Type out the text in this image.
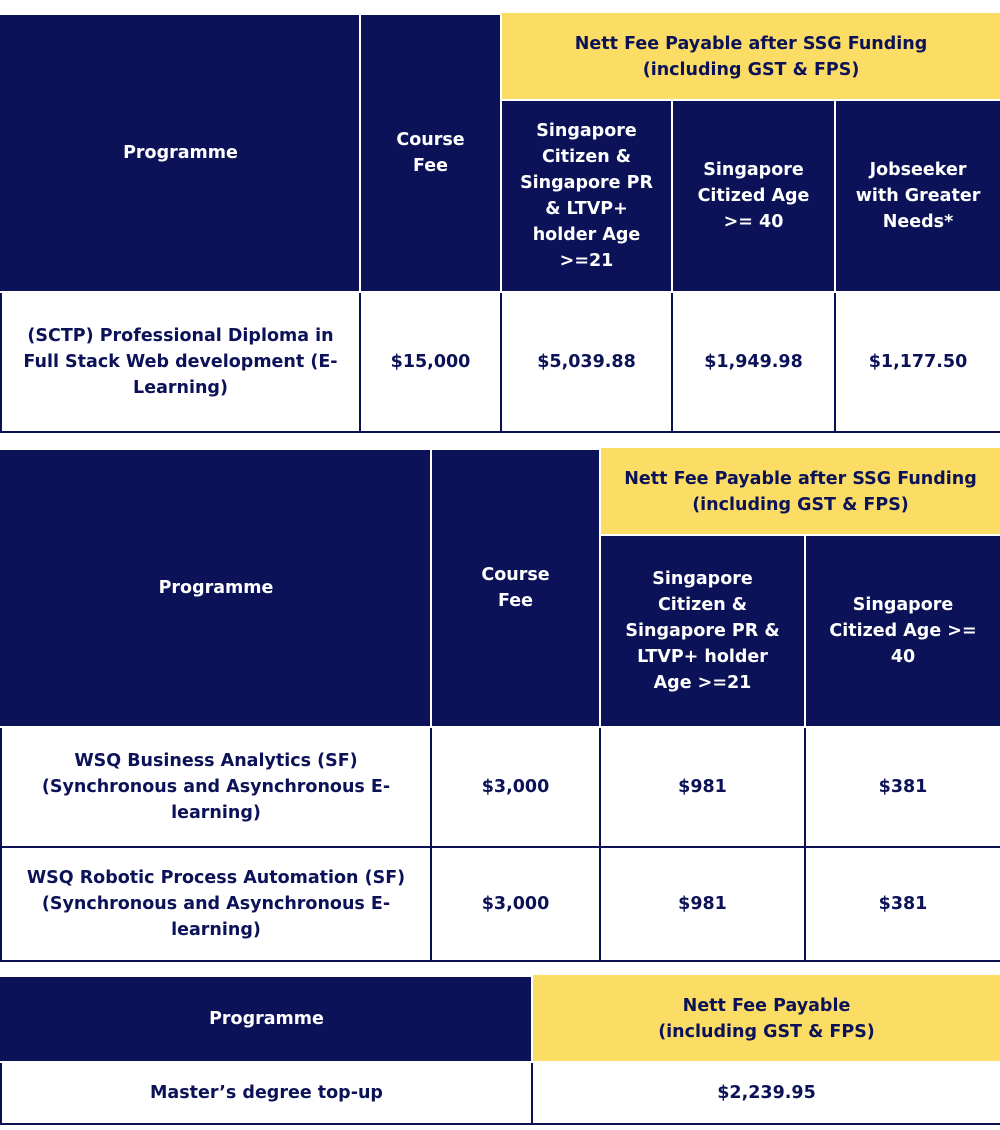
Programme	Course Fee	Nett Fee Payable after SSG Funding (including GST & FPS)		

		Singapore Citizen & Singapore PR & LTVP+ holder Age >=21	Singapore Citized Age >= 40	Jobseeker with Greater Needs*

(SCTP) Professional Diploma in Full Stack Web development (E-Learning)	$15,000	$5,039.88	$1,949.98	$1,177.50
Programme	Course Fee	Nett Fee Payable after SSG Funding (including GST & FPS)	

		Singapore Citizen & Singapore PR & LTVP+ holder Age >=21	Singapore Citized Age >= 40

WSQ Business Analytics (SF) (Synchronous and Asynchronous E-learning)	$3,000	$981	$381

WSQ Robotic Process Automation (SF) (Synchronous and Asynchronous E-learning)	$3,000	$981	$381
Programme	Nett Fee Payable (including GST & FPS)

Master’s degree top-up	$2,239.95
